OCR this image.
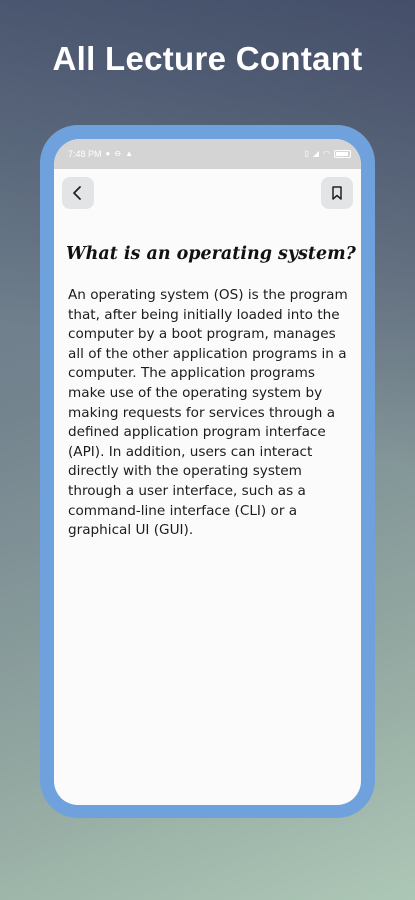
All Lecture Contant
7:48 PM ● ⊖ ▲	▯ ◢ ◠
What is an operating system?

An operating system (OS) is the program that, after being initially loaded into the computer by a boot program, manages all of the other application programs in a computer. The application programs make use of the operating system by making requests for services through a defined application program interface (API). In addition, users can interact directly with the operating system through a user interface, such as a command-line interface (CLI) or a graphical UI (GUI).
